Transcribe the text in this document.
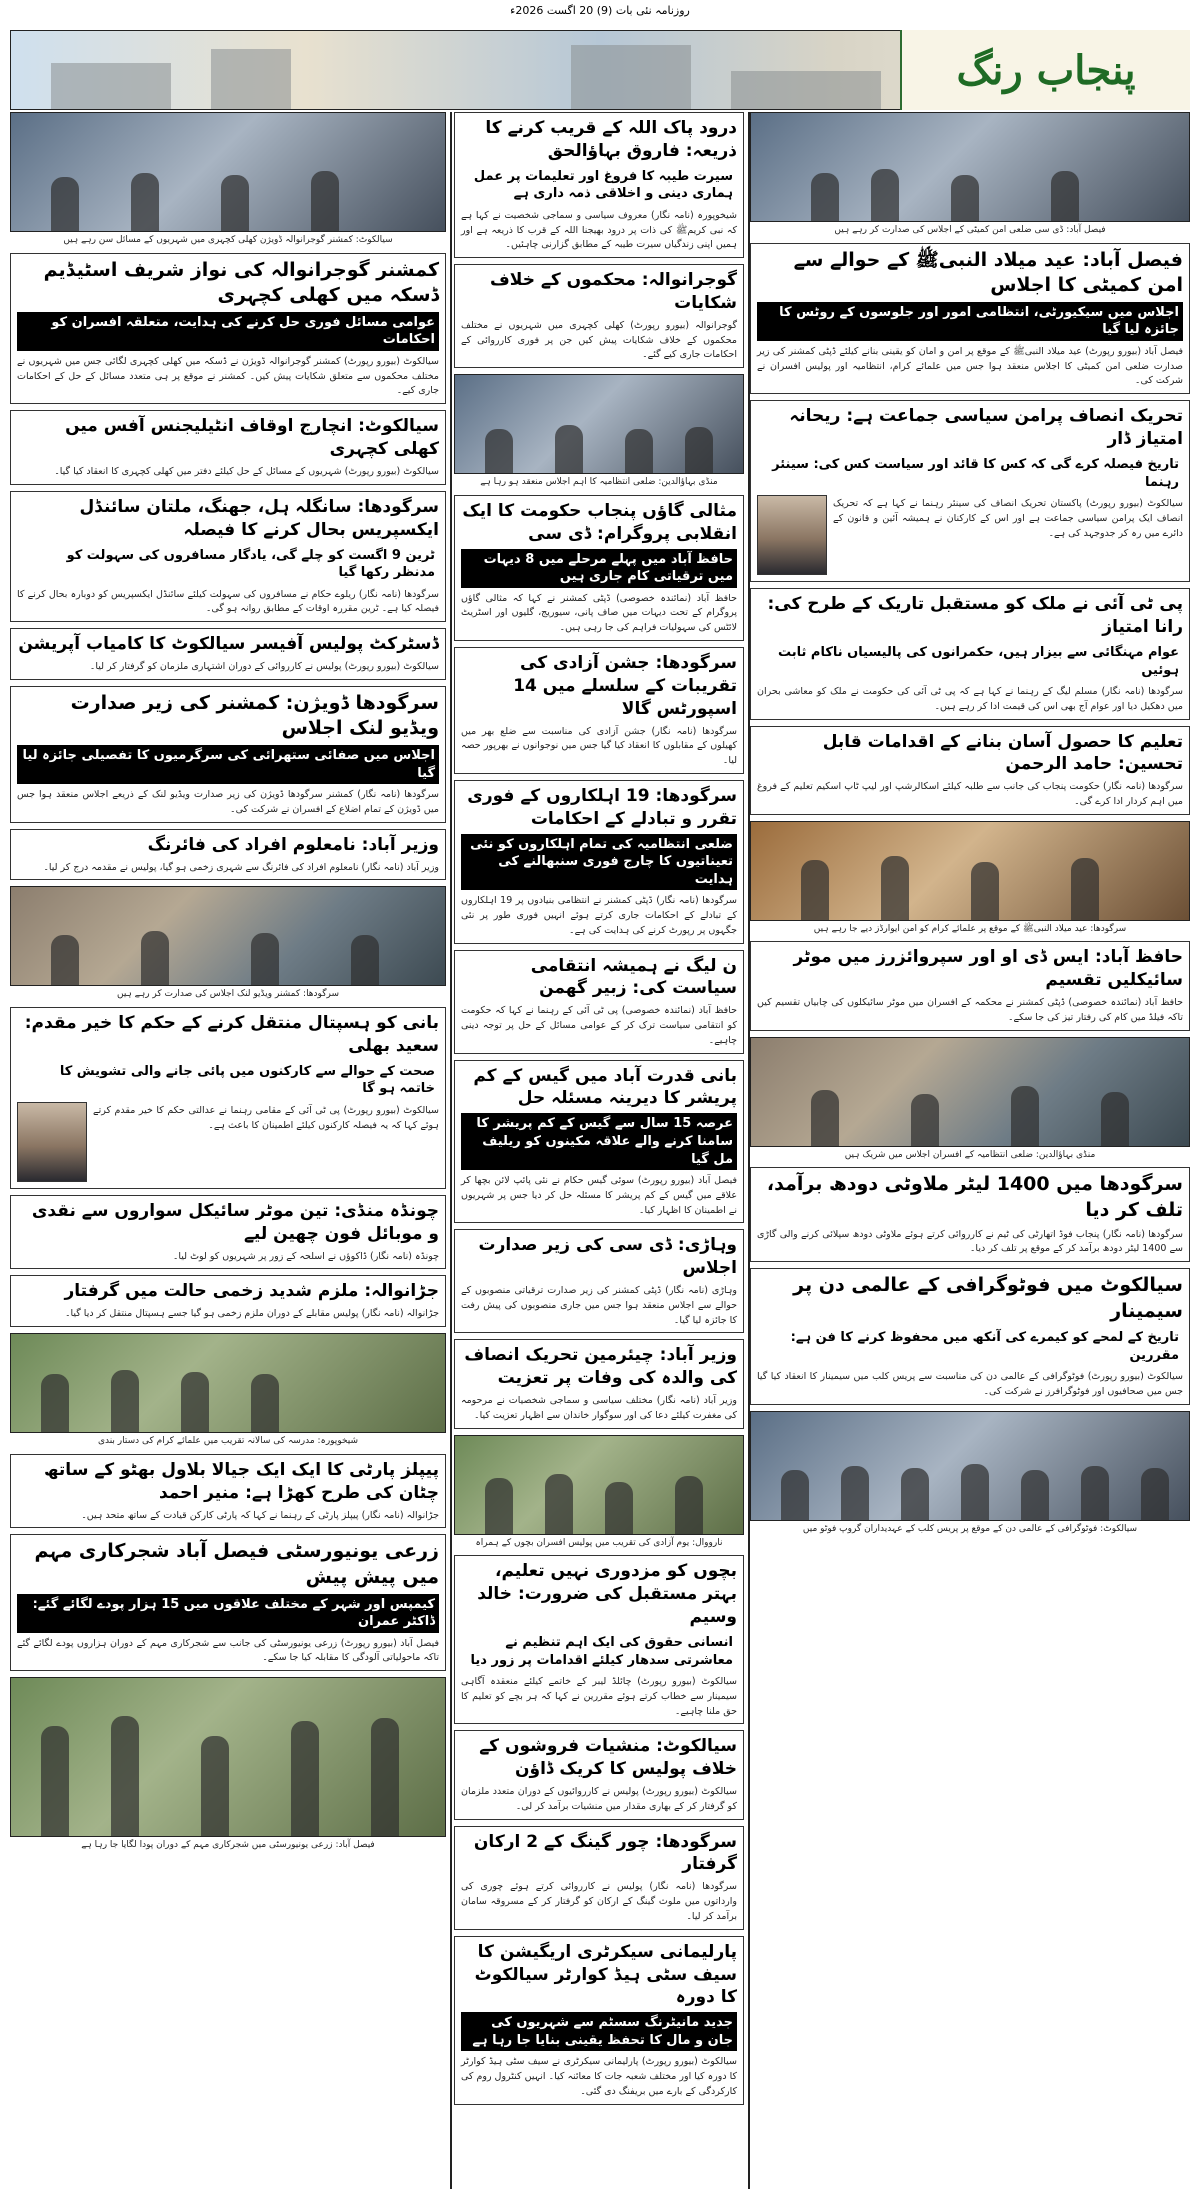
روزنامہ نئی بات (9) 20 اگست 2026ء
پنجاب رنگ
فیصل آباد: ڈی سی ضلعی امن کمیٹی کے اجلاس کی صدارت کر رہے ہیں
فیصل آباد: عید میلاد النبیﷺ کے حوالے سے امن کمیٹی کا اجلاس
اجلاس میں سیکیورٹی، انتظامی امور اور جلوسوں کے روٹس کا جائزہ لیا گیا
فیصل آباد (بیورو رپورٹ) عید میلاد النبیﷺ کے موقع پر امن و امان کو یقینی بنانے کیلئے ڈپٹی کمشنر کی زیر صدارت ضلعی امن کمیٹی کا اجلاس منعقد ہوا جس میں علمائے کرام، انتظامیہ اور پولیس افسران نے شرکت کی۔
تحریک انصاف پرامن سیاسی جماعت ہے: ریحانہ امتیاز ڈار
تاریخ فیصلہ کرے گی کہ کس کا قائد اور سیاست کس کی: سینئر رہنما
سیالکوٹ (بیورو رپورٹ) پاکستان تحریک انصاف کی سینئر رہنما نے کہا ہے کہ تحریک انصاف ایک پرامن سیاسی جماعت ہے اور اس کے کارکنان نے ہمیشہ آئین و قانون کے دائرے میں رہ کر جدوجہد کی ہے۔
پی ٹی آئی نے ملک کو مستقبل تاریک کے طرح کی: رانا امتیاز
عوام مہنگائی سے بیزار ہیں، حکمرانوں کی پالیسیاں ناکام ثابت ہوئیں
سرگودھا (نامہ نگار) مسلم لیگ کے رہنما نے کہا ہے کہ پی ٹی آئی کی حکومت نے ملک کو معاشی بحران میں دھکیل دیا اور عوام آج بھی اس کی قیمت ادا کر رہے ہیں۔
تعلیم کا حصول آسان بنانے کے اقدامات قابل تحسین: حامد الرحمن
سرگودھا (نامہ نگار) حکومت پنجاب کی جانب سے طلبہ کیلئے اسکالرشپ اور لیپ ٹاپ اسکیم تعلیم کے فروغ میں اہم کردار ادا کرے گی۔
سرگودھا: عید میلاد النبیﷺ کے موقع پر علمائے کرام کو امن ایوارڈز دیے جا رہے ہیں
حافظ آباد: ایس ڈی او اور سپروائزرز میں موٹر سائیکلیں تقسیم
حافظ آباد (نمائندہ خصوصی) ڈپٹی کمشنر نے محکمہ کے افسران میں موٹر سائیکلوں کی چابیاں تقسیم کیں تاکہ فیلڈ میں کام کی رفتار تیز کی جا سکے۔
منڈی بہاؤالدین: ضلعی انتظامیہ کے افسران اجلاس میں شریک ہیں
سرگودھا میں 1400 لیٹر ملاوٹی دودھ برآمد، تلف کر دیا
سرگودھا (نامہ نگار) پنجاب فوڈ اتھارٹی کی ٹیم نے کارروائی کرتے ہوئے ملاوٹی دودھ سپلائی کرنے والی گاڑی سے 1400 لیٹر دودھ برآمد کر کے موقع پر تلف کر دیا۔
سیالکوٹ میں فوٹوگرافی کے عالمی دن پر سیمینار
تاریخ کے لمحے کو کیمرے کی آنکھ میں محفوظ کرنے کا فن ہے: مقررین
سیالکوٹ (بیورو رپورٹ) فوٹوگرافی کے عالمی دن کی مناسبت سے پریس کلب میں سیمینار کا انعقاد کیا گیا جس میں صحافیوں اور فوٹوگرافرز نے شرکت کی۔
سیالکوٹ: فوٹوگرافی کے عالمی دن کے موقع پر پریس کلب کے عہدیداران گروپ فوٹو میں
درود پاک اللہ کے قریب کرنے کا ذریعہ: فاروق بہاؤالحق
سیرت طیبہ کا فروغ اور تعلیمات پر عمل ہماری دینی و اخلاقی ذمہ داری ہے
شیخوپورہ (نامہ نگار) معروف سیاسی و سماجی شخصیت نے کہا ہے کہ نبی کریمﷺ کی ذات پر درود بھیجنا اللہ کے قرب کا ذریعہ ہے اور ہمیں اپنی زندگیاں سیرت طیبہ کے مطابق گزارنی چاہئیں۔
گوجرانوالہ: محکموں کے خلاف شکایات
گوجرانوالہ (بیورو رپورٹ) کھلی کچہری میں شہریوں نے مختلف محکموں کے خلاف شکایات پیش کیں جن پر فوری کارروائی کے احکامات جاری کیے گئے۔
منڈی بہاؤالدین: ضلعی انتظامیہ کا اہم اجلاس منعقد ہو رہا ہے
مثالی گاؤں پنجاب حکومت کا ایک انقلابی پروگرام: ڈی سی
حافظ آباد میں پہلے مرحلے میں 8 دیہات میں ترقیاتی کام جاری ہیں
حافظ آباد (نمائندہ خصوصی) ڈپٹی کمشنر نے کہا کہ مثالی گاؤں پروگرام کے تحت دیہات میں صاف پانی، سیوریج، گلیوں اور اسٹریٹ لائٹس کی سہولیات فراہم کی جا رہی ہیں۔
سرگودھا: جشن آزادی کی تقریبات کے سلسلے میں 14 اسپورٹس گالا
سرگودھا (نامہ نگار) جشن آزادی کی مناسبت سے ضلع بھر میں کھیلوں کے مقابلوں کا انعقاد کیا گیا جس میں نوجوانوں نے بھرپور حصہ لیا۔
سرگودھا: 19 اہلکاروں کے فوری تقرر و تبادلے کے احکامات
ضلعی انتظامیہ کی تمام اہلکاروں کو نئی تعیناتیوں کا چارج فوری سنبھالنے کی ہدایت
سرگودھا (نامہ نگار) ڈپٹی کمشنر نے انتظامی بنیادوں پر 19 اہلکاروں کے تبادلے کے احکامات جاری کرتے ہوئے انہیں فوری طور پر نئی جگہوں پر رپورٹ کرنے کی ہدایت کی ہے۔
ن لیگ نے ہمیشہ انتقامی سیاست کی: زبیر گھمن
حافظ آباد (نمائندہ خصوصی) پی ٹی آئی کے رہنما نے کہا کہ حکومت کو انتقامی سیاست ترک کر کے عوامی مسائل کے حل پر توجہ دینی چاہیے۔
بانی قدرت آباد میں گیس کے کم پریشر کا دیرینہ مسئلہ حل
عرصہ 15 سال سے گیس کے کم پریشر کا سامنا کرنے والے علاقہ مکینوں کو ریلیف مل گیا
فیصل آباد (بیورو رپورٹ) سوئی گیس حکام نے نئی پائپ لائن بچھا کر علاقے میں گیس کے کم پریشر کا مسئلہ حل کر دیا جس پر شہریوں نے اطمینان کا اظہار کیا۔
وہاڑی: ڈی سی کی زیر صدارت اجلاس
وہاڑی (نامہ نگار) ڈپٹی کمشنر کی زیر صدارت ترقیاتی منصوبوں کے حوالے سے اجلاس منعقد ہوا جس میں جاری منصوبوں کی پیش رفت کا جائزہ لیا گیا۔
وزیر آباد: چیئرمین تحریک انصاف کی والدہ کی وفات پر تعزیت
وزیر آباد (نامہ نگار) مختلف سیاسی و سماجی شخصیات نے مرحومہ کی مغفرت کیلئے دعا کی اور سوگوار خاندان سے اظہار تعزیت کیا۔
نارووال: یوم آزادی کی تقریب میں پولیس افسران بچوں کے ہمراہ
بچوں کو مزدوری نہیں تعلیم، بہتر مستقبل کی ضرورت: خالد وسیم
انسانی حقوق کی ایک اہم تنظیم نے معاشرتی سدھار کیلئے اقدامات پر زور دیا
سیالکوٹ (بیورو رپورٹ) چائلڈ لیبر کے خاتمے کیلئے منعقدہ آگاہی سیمینار سے خطاب کرتے ہوئے مقررین نے کہا کہ ہر بچے کو تعلیم کا حق ملنا چاہیے۔
سیالکوٹ: منشیات فروشوں کے خلاف پولیس کا کریک ڈاؤن
سیالکوٹ (بیورو رپورٹ) پولیس نے کارروائیوں کے دوران متعدد ملزمان کو گرفتار کر کے بھاری مقدار میں منشیات برآمد کر لی۔
سرگودھا: چور گینگ کے 2 ارکان گرفتار
سرگودھا (نامہ نگار) پولیس نے کارروائی کرتے ہوئے چوری کی وارداتوں میں ملوث گینگ کے ارکان کو گرفتار کر کے مسروقہ سامان برآمد کر لیا۔
پارلیمانی سیکرٹری اریگیشن کا سیف سٹی ہیڈ کوارٹر سیالکوٹ کا دورہ
جدید مانیٹرنگ سسٹم سے شہریوں کی جان و مال کا تحفظ یقینی بنایا جا رہا ہے
سیالکوٹ (بیورو رپورٹ) پارلیمانی سیکرٹری نے سیف سٹی ہیڈ کوارٹر کا دورہ کیا اور مختلف شعبہ جات کا معائنہ کیا۔ انہیں کنٹرول روم کی کارکردگی کے بارے میں بریفنگ دی گئی۔
سیالکوٹ: کمشنر گوجرانوالہ ڈویژن کھلی کچہری میں شہریوں کے مسائل سن رہے ہیں
کمشنر گوجرانوالہ کی نواز شریف اسٹیڈیم ڈسکہ میں کھلی کچہری
عوامی مسائل فوری حل کرنے کی ہدایت، متعلقہ افسران کو احکامات
سیالکوٹ (بیورو رپورٹ) کمشنر گوجرانوالہ ڈویژن نے ڈسکہ میں کھلی کچہری لگائی جس میں شہریوں نے مختلف محکموں سے متعلق شکایات پیش کیں۔ کمشنر نے موقع پر ہی متعدد مسائل کے حل کے احکامات جاری کیے۔
سیالکوٹ: انچارج اوقاف انٹیلیجنس آفس میں کھلی کچہری
سیالکوٹ (بیورو رپورٹ) شہریوں کے مسائل کے حل کیلئے دفتر میں کھلی کچہری کا انعقاد کیا گیا۔
سرگودھا: سانگلہ ہل، جھنگ، ملتان سائنڈل ایکسپریس بحال کرنے کا فیصلہ
ٹرین 9 اگست کو چلے گی، یادگار مسافروں کی سہولت کو مدنظر رکھا گیا
سرگودھا (نامہ نگار) ریلوے حکام نے مسافروں کی سہولت کیلئے سائنڈل ایکسپریس کو دوبارہ بحال کرنے کا فیصلہ کیا ہے۔ ٹرین مقررہ اوقات کے مطابق روانہ ہو گی۔
ڈسٹرکٹ پولیس آفیسر سیالکوٹ کا کامیاب آپریشن
سیالکوٹ (بیورو رپورٹ) پولیس نے کارروائی کے دوران اشتہاری ملزمان کو گرفتار کر لیا۔
سرگودھا ڈویژن: کمشنر کی زیر صدارت ویڈیو لنک اجلاس
اجلاس میں صفائی ستھرائی کی سرگرمیوں کا تفصیلی جائزہ لیا گیا
سرگودھا (نامہ نگار) کمشنر سرگودھا ڈویژن کی زیر صدارت ویڈیو لنک کے ذریعے اجلاس منعقد ہوا جس میں ڈویژن کے تمام اضلاع کے افسران نے شرکت کی۔
وزیر آباد: نامعلوم افراد کی فائرنگ
وزیر آباد (نامہ نگار) نامعلوم افراد کی فائرنگ سے شہری زخمی ہو گیا، پولیس نے مقدمہ درج کر لیا۔
سرگودھا: کمشنر ویڈیو لنک اجلاس کی صدارت کر رہے ہیں
بانی کو ہسپتال منتقل کرنے کے حکم کا خیر مقدم: سعید بھلی
صحت کے حوالے سے کارکنوں میں پائی جانے والی تشویش کا خاتمہ ہو گا
سیالکوٹ (بیورو رپورٹ) پی ٹی آئی کے مقامی رہنما نے عدالتی حکم کا خیر مقدم کرتے ہوئے کہا کہ یہ فیصلہ کارکنوں کیلئے اطمینان کا باعث ہے۔
چونڈہ منڈی: تین موٹر سائیکل سواروں سے نقدی و موبائل فون چھین لیے
چونڈہ (نامہ نگار) ڈاکوؤں نے اسلحہ کے زور پر شہریوں کو لوٹ لیا۔
جڑانوالہ: ملزم شدید زخمی حالت میں گرفتار
جڑانوالہ (نامہ نگار) پولیس مقابلے کے دوران ملزم زخمی ہو گیا جسے ہسپتال منتقل کر دیا گیا۔
شیخوپورہ: مدرسہ کی سالانہ تقریب میں علمائے کرام کی دستار بندی
پیپلز پارٹی کا ایک ایک جیالا بلاول بھٹو کے ساتھ چٹان کی طرح کھڑا ہے: منیر احمد
جڑانوالہ (نامہ نگار) پیپلز پارٹی کے رہنما نے کہا کہ پارٹی کارکن قیادت کے ساتھ متحد ہیں۔
زرعی یونیورسٹی فیصل آباد شجرکاری مہم میں پیش پیش
کیمپس اور شہر کے مختلف علاقوں میں 15 ہزار پودے لگائے گئے: ڈاکٹر عمران
فیصل آباد (بیورو رپورٹ) زرعی یونیورسٹی کی جانب سے شجرکاری مہم کے دوران ہزاروں پودے لگائے گئے تاکہ ماحولیاتی آلودگی کا مقابلہ کیا جا سکے۔
فیصل آباد: زرعی یونیورسٹی میں شجرکاری مہم کے دوران پودا لگایا جا رہا ہے
